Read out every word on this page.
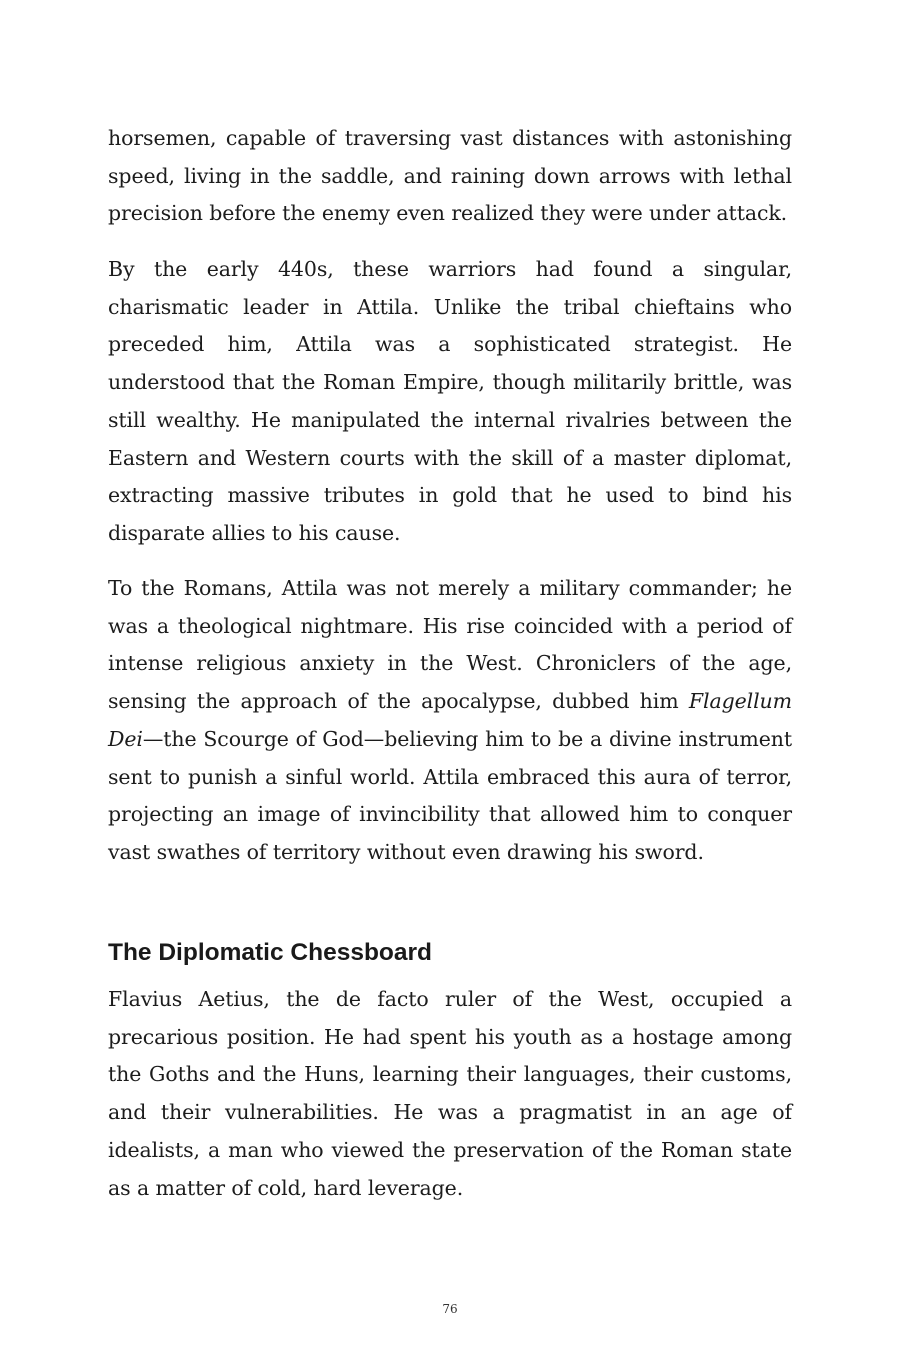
horsemen, capable of traversing vast distances with astonishing speed, living in the saddle, and raining down arrows with lethal precision before the enemy even realized they were under attack.

By the early 440s, these warriors had found a singular, charismatic leader in Attila. Unlike the tribal chieftains who preceded him, Attila was a sophisticated strategist. He understood that the Roman Empire, though militarily brittle, was still wealthy. He manipulated the internal rivalries between the Eastern and Western courts with the skill of a master diplomat, extracting massive tributes in gold that he used to bind his disparate allies to his cause.

To the Romans, Attila was not merely a military commander; he was a theological nightmare. His rise coincided with a period of intense religious anxiety in the West. Chroniclers of the age, sensing the approach of the apocalypse, dubbed him Flagellum Dei—the Scourge of God—believing him to be a divine instrument sent to punish a sinful world. Attila embraced this aura of terror, projecting an image of invincibility that allowed him to conquer vast swathes of territory without even drawing his sword.

The Diplomatic Chessboard

Flavius Aetius, the de facto ruler of the West, occupied a precarious position. He had spent his youth as a hostage among the Goths and the Huns, learning their languages, their customs, and their vulnerabilities. He was a pragmatist in an age of idealists, a man who viewed the preservation of the Roman state as a matter of cold, hard leverage.

76
